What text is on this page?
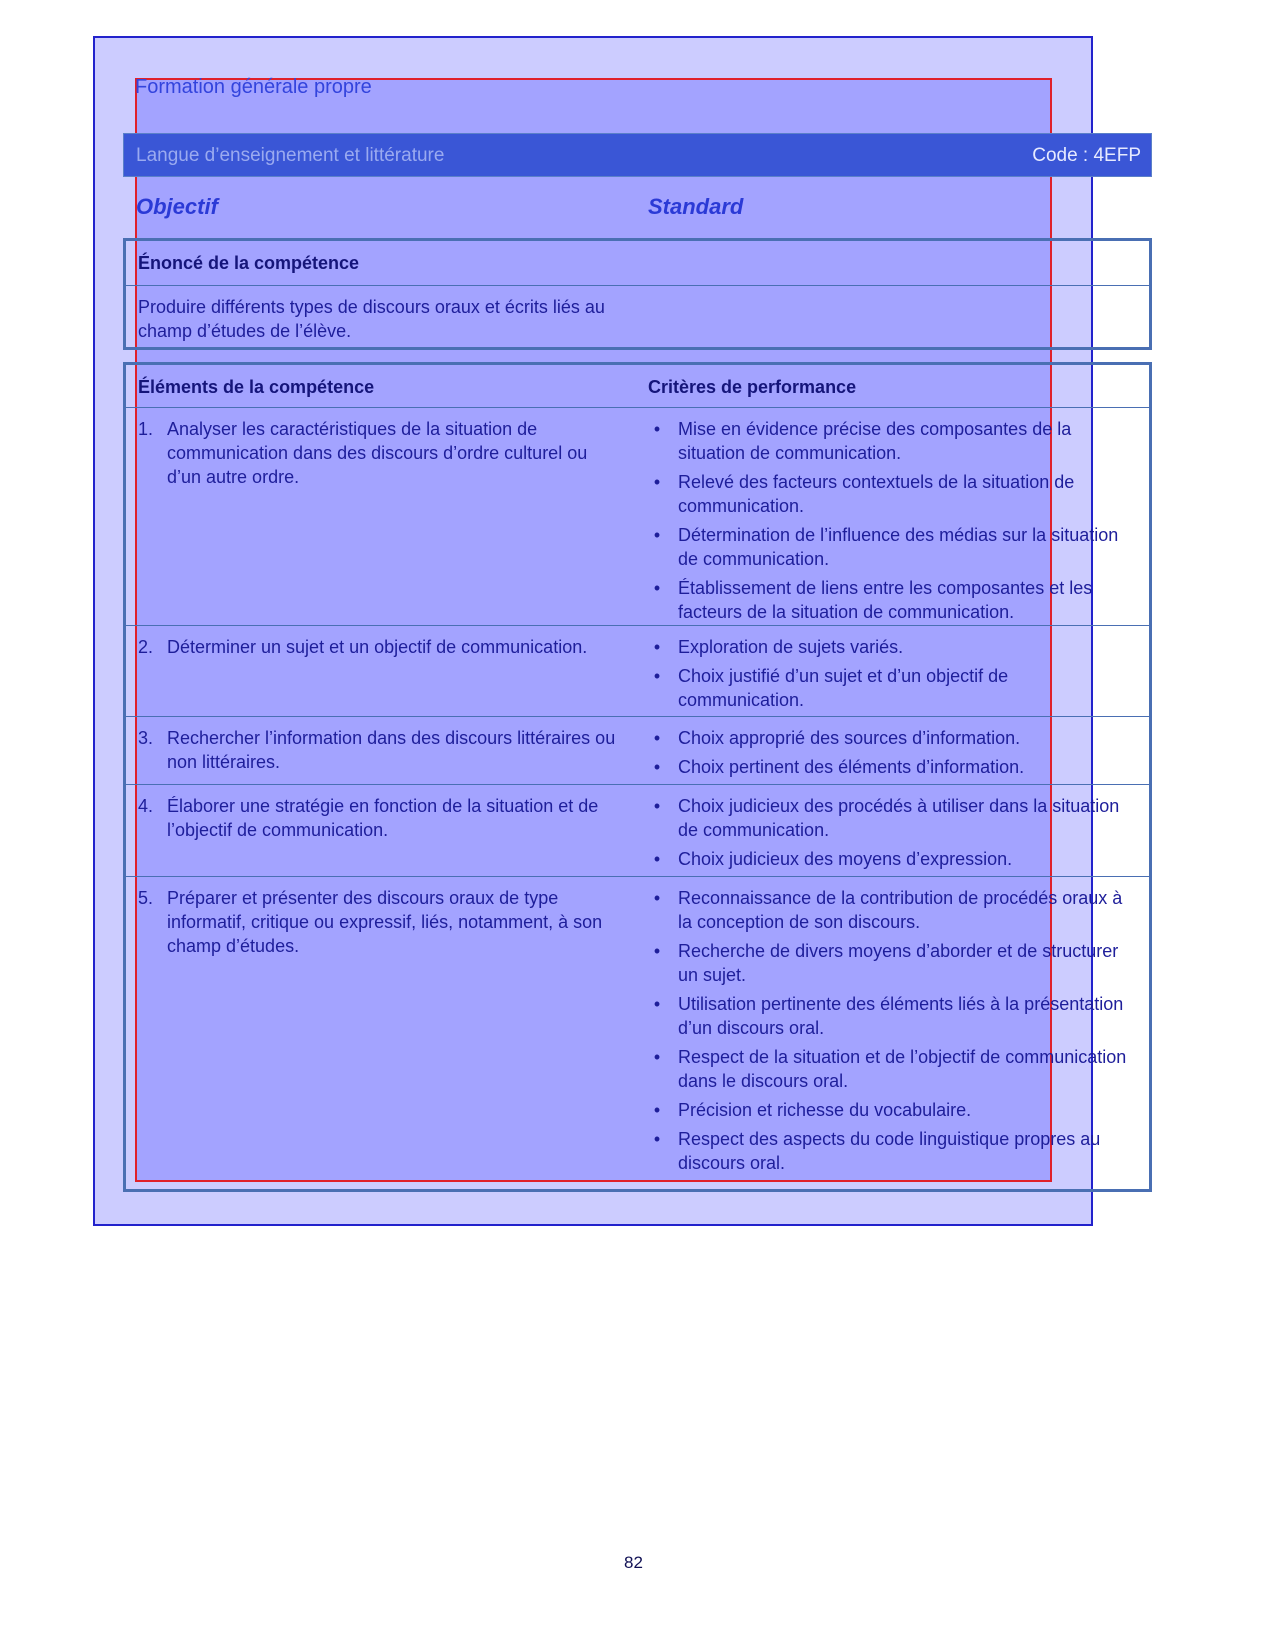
Formation générale propre
Langue d’enseignement et littérature	Code : 4EFP
Objectif	Standard
Énoncé de la compétence
Produire différents types de discours oraux et écrits liés au champ d’études de l’élève.
Éléments de la compétence	Critères de performance
1. Analyser les caractéristiques de la situation de communication dans des discours d’ordre culturel ou d’un autre ordre.
• Mise en évidence précise des composantes de la situation de communication.
• Relevé des facteurs contextuels de la situation de communication.
• Détermination de l’influence des médias sur la situation de communication.
• Établissement de liens entre les composantes et les facteurs de la situation de communication.
2. Déterminer un sujet et un objectif de communication.	• Exploration de sujets variés.
• Choix justifié d’un sujet et d’un objectif de communication.
3. Rechercher l’information dans des discours littéraires ou non littéraires.
• Choix approprié des sources d’information.
• Choix pertinent des éléments d’information.
4. Élaborer une stratégie en fonction de la situation et de l’objectif de communication.
• Choix judicieux des procédés à utiliser dans la situation de communication.
• Choix judicieux des moyens d’expression.
5. Préparer et présenter des discours oraux de type informatif, critique ou expressif, liés, notamment, à son champ d’études.
• Reconnaissance de la contribution de procédés oraux à la conception de son discours.
• Recherche de divers moyens d’aborder et de structurer un sujet.
• Utilisation pertinente des éléments liés à la présentation d’un discours oral.
• Respect de la situation et de l’objectif de communication dans le discours oral.
• Précision et richesse du vocabulaire.
• Respect des aspects du code linguistique propres au discours oral.
82
